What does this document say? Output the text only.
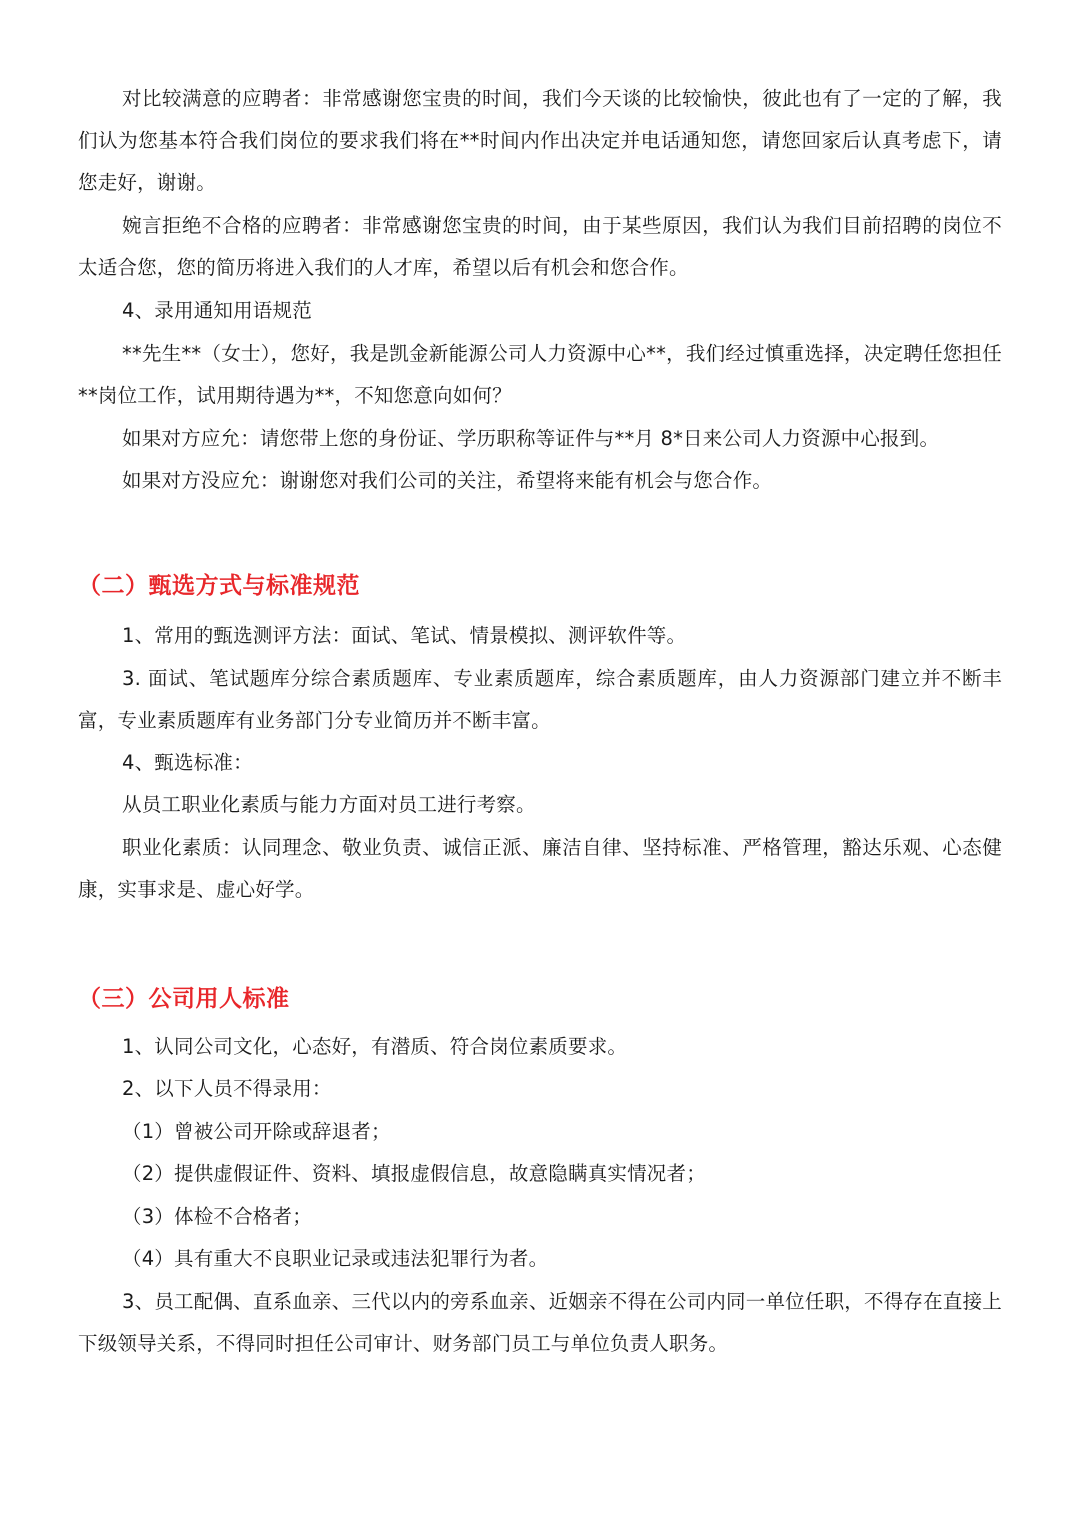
对比较满意的应聘者：非常感谢您宝贵的时间，我们今天谈的比较愉快，彼此也有了一定的了解，我们认为您基本符合我们岗位的要求我们将在**时间内作出决定并电话通知您，请您回家后认真考虑下，请您走好，谢谢。
婉言拒绝不合格的应聘者：非常感谢您宝贵的时间，由于某些原因，我们认为我们目前招聘的岗位不太适合您，您的简历将进入我们的人才库，希望以后有机会和您合作。
4、录用通知用语规范
**先生**（女士），您好，我是凯金新能源公司人力资源中心**，我们经过慎重选择，决定聘任您担任**岗位工作，试用期待遇为**，不知您意向如何？
如果对方应允：请您带上您的身份证、学历职称等证件与**月 8*日来公司人力资源中心报到。
如果对方没应允：谢谢您对我们公司的关注，希望将来能有机会与您合作。
（二）甄选方式与标准规范
1、常用的甄选测评方法：面试、笔试、情景模拟、测评软件等。
3. 面试、笔试题库分综合素质题库、专业素质题库，综合素质题库，由人力资源部门建立并不断丰富，专业素质题库有业务部门分专业简历并不断丰富。
4、甄选标准：
从员工职业化素质与能力方面对员工进行考察。
职业化素质：认同理念、敬业负责、诚信正派、廉洁自律、坚持标准、严格管理，豁达乐观、心态健康，实事求是、虚心好学。
（三）公司用人标准
1、认同公司文化，心态好，有潜质、符合岗位素质要求。
2、以下人员不得录用：
（1）曾被公司开除或辞退者；
（2）提供虚假证件、资料、填报虚假信息，故意隐瞒真实情况者；
（3）体检不合格者；
（4）具有重大不良职业记录或违法犯罪行为者。
3、员工配偶、直系血亲、三代以内的旁系血亲、近姻亲不得在公司内同一单位任职，不得存在直接上下级领导关系，不得同时担任公司审计、财务部门员工与单位负责人职务。
